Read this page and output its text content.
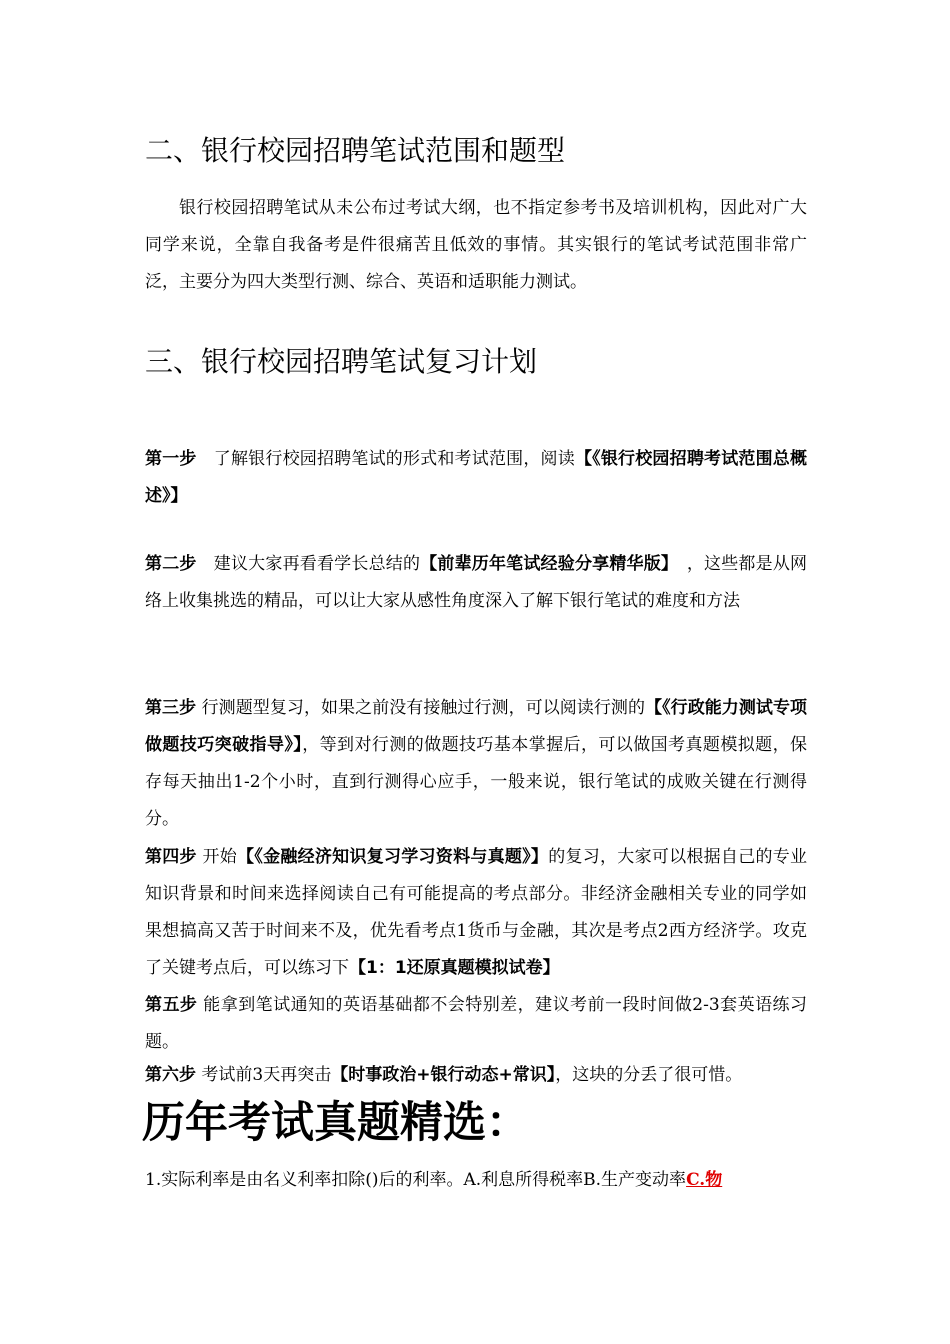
二、银行校园招聘笔试范围和题型

银行校园招聘笔试从未公布过考试大纲，也不指定参考书及培训机构，因此对广大同学来说，全靠自我备考是件很痛苦且低效的事情。其实银行的笔试考试范围非常广泛，主要分为四大类型行测、综合、英语和适职能力测试。

三、银行校园招聘笔试复习计划

第一步　了解银行校园招聘笔试的形式和考试范围，阅读【《银行校园招聘考试范围总概述》】

第二步　建议大家再看看学长总结的【前辈历年笔试经验分享精华版】　，这些都是从网络上收集挑选的精品，可以让大家从感性角度深入了解下银行笔试的难度和方法

第三步 行测题型复习，如果之前没有接触过行测，可以阅读行测的【《行政能力测试专项做题技巧突破指导》】，等到对行测的做题技巧基本掌握后，可以做国考真题模拟题，保存每天抽出1-2个小时，直到行测得心应手，一般来说，银行笔试的成败关键在行测得分。

第四步 开始【《金融经济知识复习学习资料与真题》】的复习，大家可以根据自己的专业知识背景和时间来选择阅读自己有可能提高的考点部分。非经济金融相关专业的同学如果想搞高又苦于时间来不及，优先看考点1货币与金融，其次是考点2西方经济学。攻克了关键考点后，可以练习下【1：1还原真题模拟试卷】

第五步 能拿到笔试通知的英语基础都不会特别差，建议考前一段时间做2-3套英语练习题。

第六步 考试前3天再突击【时事政治+银行动态+常识】，这块的分丢了很可惜。

历年考试真题精选：

1.实际利率是由名义利率扣除()后的利率。A.利息所得税率B.生产变动率C.物
